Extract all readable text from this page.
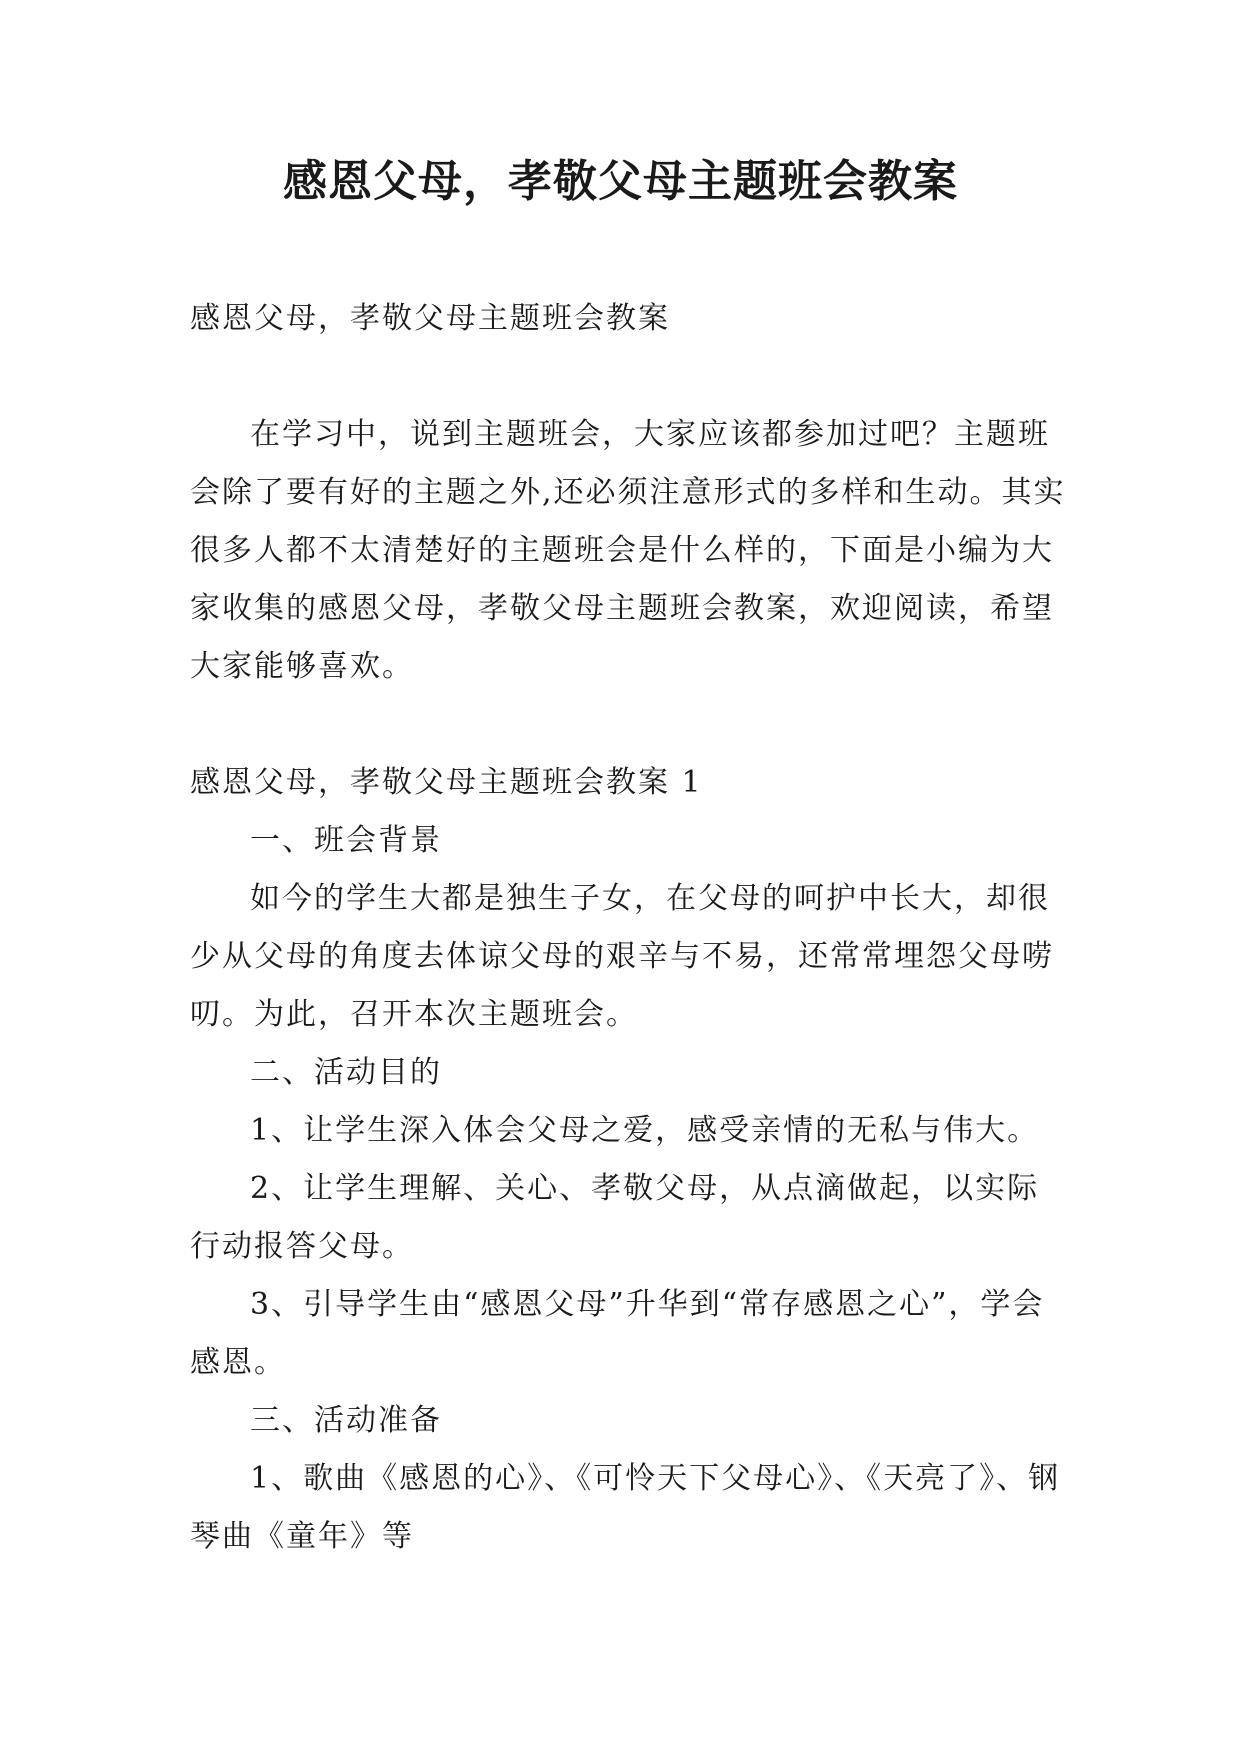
感恩父母，孝敬父母主题班会教案

感恩父母，孝敬父母主题班会教案

在学习中，说到主题班会，大家应该都参加过吧？主题班会除了要有好的主题之外,还必须注意形式的多样和生动。其实很多人都不太清楚好的主题班会是什么样的，下面是小编为大家收集的感恩父母，孝敬父母主题班会教案，欢迎阅读，希望大家能够喜欢。

感恩父母，孝敬父母主题班会教案 1

一、班会背景

如今的学生大都是独生子女，在父母的呵护中长大，却很少从父母的角度去体谅父母的艰辛与不易，还常常埋怨父母唠叨。为此，召开本次主题班会。

二、活动目的

1、让学生深入体会父母之爱，感受亲情的无私与伟大。

2、让学生理解、关心、孝敬父母，从点滴做起，以实际行动报答父母。

3、引导学生由“感恩父母”升华到“常存感恩之心”，学会感恩。

三、活动准备

1、歌曲《感恩的心》、《可怜天下父母心》、《天亮了》、钢琴曲《童年》等
